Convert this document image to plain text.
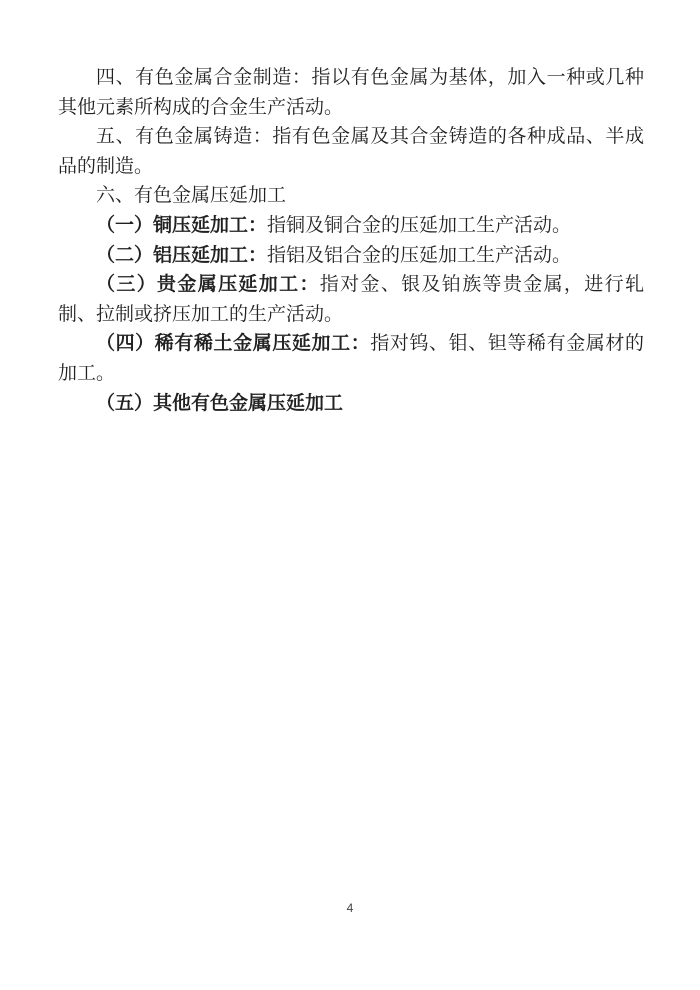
四、有色金属合金制造：指以有色金属为基体，加入一种或几种其他元素所构成的合金生产活动。

五、有色金属铸造：指有色金属及其合金铸造的各种成品、半成品的制造。

六、有色金属压延加工

（一）铜压延加工：指铜及铜合金的压延加工生产活动。

（二）铝压延加工：指铝及铝合金的压延加工生产活动。

（三）贵金属压延加工：指对金、银及铂族等贵金属，进行轧制、拉制或挤压加工的生产活动。

（四）稀有稀土金属压延加工：指对钨、钼、钽等稀有金属材的加工。

（五）其他有色金属压延加工

4
